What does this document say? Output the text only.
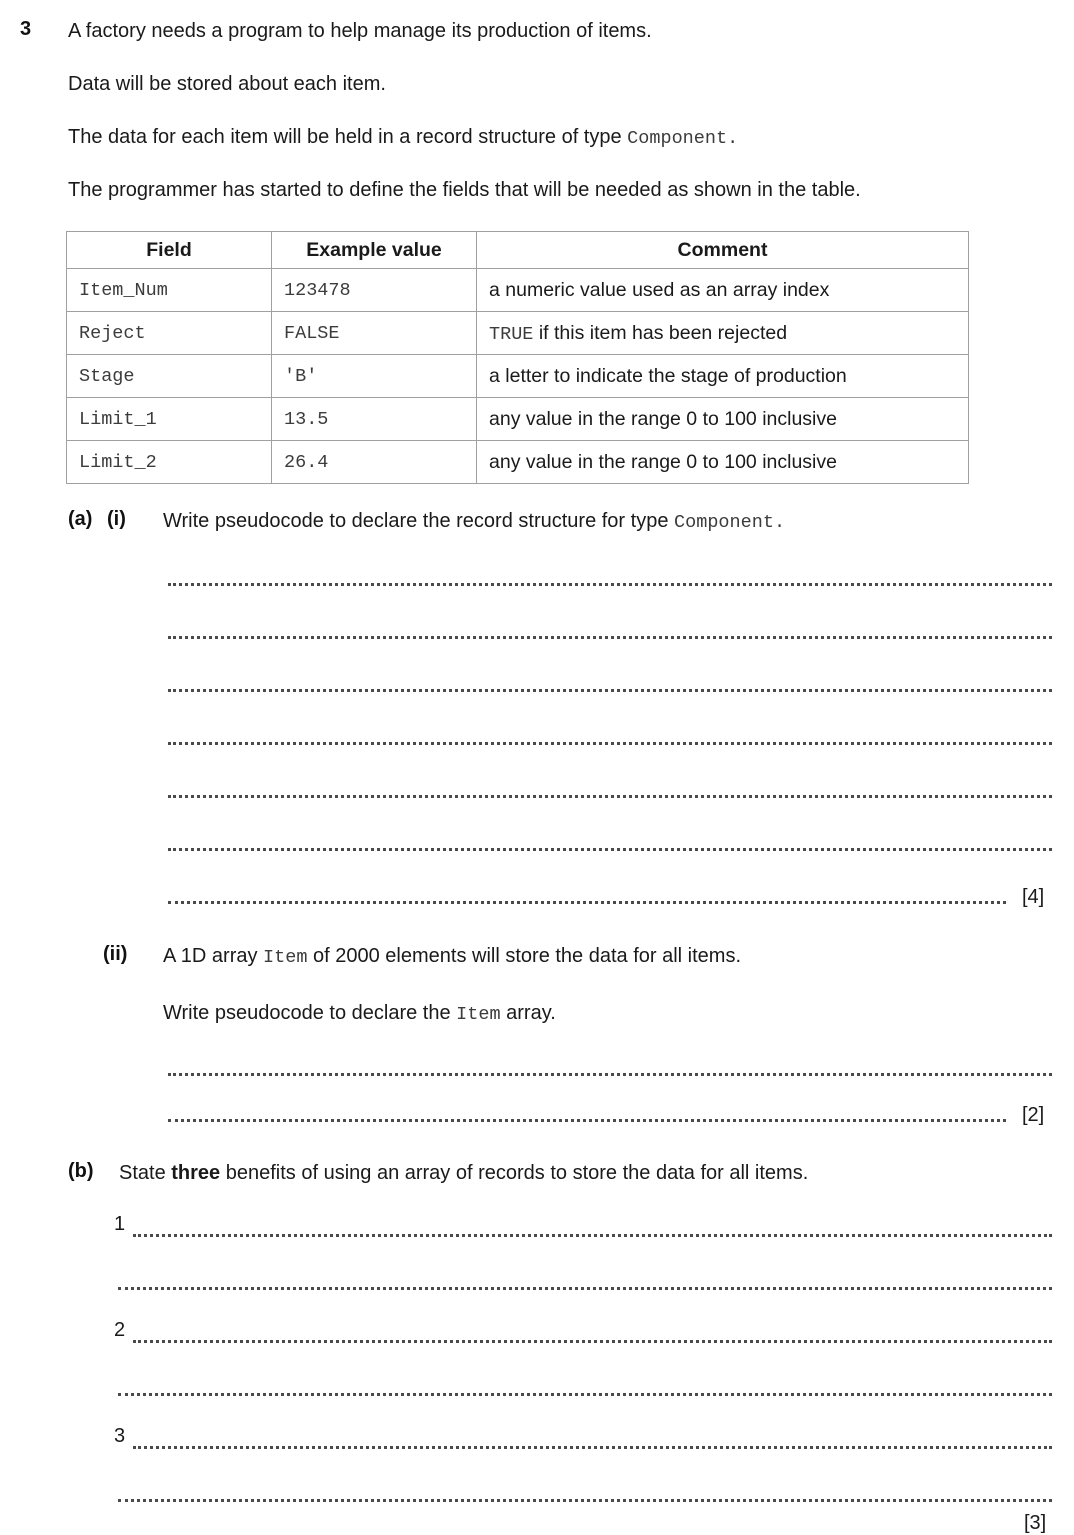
3	A factory needs a program to help manage its production of items.
Data will be stored about each item.
The data for each item will be held in a record structure of type Component.
The programmer has started to define the fields that will be needed as shown in the table.
Field	Example value	Comment
Item_Num	123478	a numeric value used as an array index
Reject	FALSE	TRUE if this item has been rejected
Stage	'B'	a letter to indicate the stage of production
Limit_1	13.5	any value in the range 0 to 100 inclusive
Limit_2	26.4	any value in the range 0 to 100 inclusive
(a) (i) Write pseudocode to declare the record structure for type Component.
[4]
(ii) A 1D array Item of 2000 elements will store the data for all items.
Write pseudocode to declare the Item array.
[2]
(b) State three benefits of using an array of records to store the data for all items.
1
2
3
[3]
